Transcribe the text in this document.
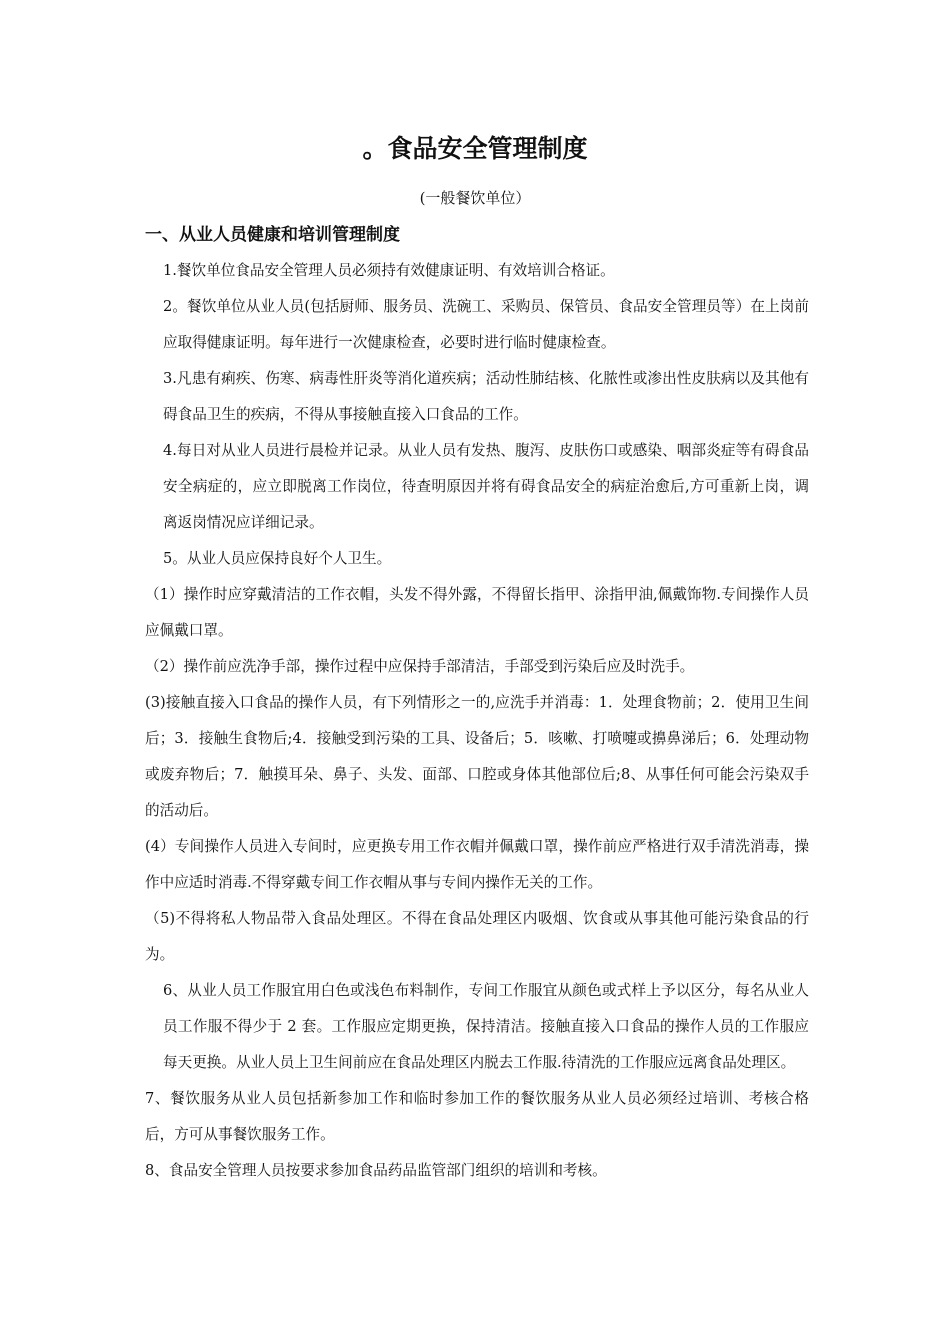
。食品安全管理制度
(一般餐饮单位）
一、从业人员健康和培训管理制度

1.餐饮单位食品安全管理人员必须持有效健康证明、有效培训合格证。

2。餐饮单位从业人员(包括厨师、服务员、洗碗工、采购员、保管员、食品安全管理员等）在上岗前应取得健康证明。每年进行一次健康检查，必要时进行临时健康检查。

3.凡患有痢疾、伤寒、病毒性肝炎等消化道疾病；活动性肺结核、化脓性或渗出性皮肤病以及其他有碍食品卫生的疾病，不得从事接触直接入口食品的工作。

4.每日对从业人员进行晨检并记录。从业人员有发热、腹泻、皮肤伤口或感染、咽部炎症等有碍食品安全病症的，应立即脱离工作岗位，待查明原因并将有碍食品安全的病症治愈后,方可重新上岗，调离返岗情况应详细记录。

5。从业人员应保持良好个人卫生。

（1）操作时应穿戴清洁的工作衣帽，头发不得外露，不得留长指甲、涂指甲油,佩戴饰物.专间操作人员应佩戴口罩。

（2）操作前应洗净手部，操作过程中应保持手部清洁，手部受到污染后应及时洗手。

(3)接触直接入口食品的操作人员，有下列情形之一的,应洗手并消毒：1．处理食物前；2．使用卫生间后；3．接触生食物后;4．接触受到污染的工具、设备后；5．咳嗽、打喷嚏或擤鼻涕后；6．处理动物或废弃物后；7．触摸耳朵、鼻子、头发、面部、口腔或身体其他部位后;8、从事任何可能会污染双手的活动后。

(4）专间操作人员进入专间时，应更换专用工作衣帽并佩戴口罩，操作前应严格进行双手清洗消毒，操作中应适时消毒.不得穿戴专间工作衣帽从事与专间内操作无关的工作。

（5)不得将私人物品带入食品处理区。不得在食品处理区内吸烟、饮食或从事其他可能污染食品的行为。

6、从业人员工作服宜用白色或浅色布料制作，专间工作服宜从颜色或式样上予以区分，每名从业人员工作服不得少于 2 套。工作服应定期更换，保持清洁。接触直接入口食品的操作人员的工作服应每天更换。从业人员上卫生间前应在食品处理区内脱去工作服.待清洗的工作服应远离食品处理区。

7、餐饮服务从业人员包括新参加工作和临时参加工作的餐饮服务从业人员必须经过培训、考核合格后，方可从事餐饮服务工作。

8、食品安全管理人员按要求参加食品药品监管部门组织的培训和考核。
